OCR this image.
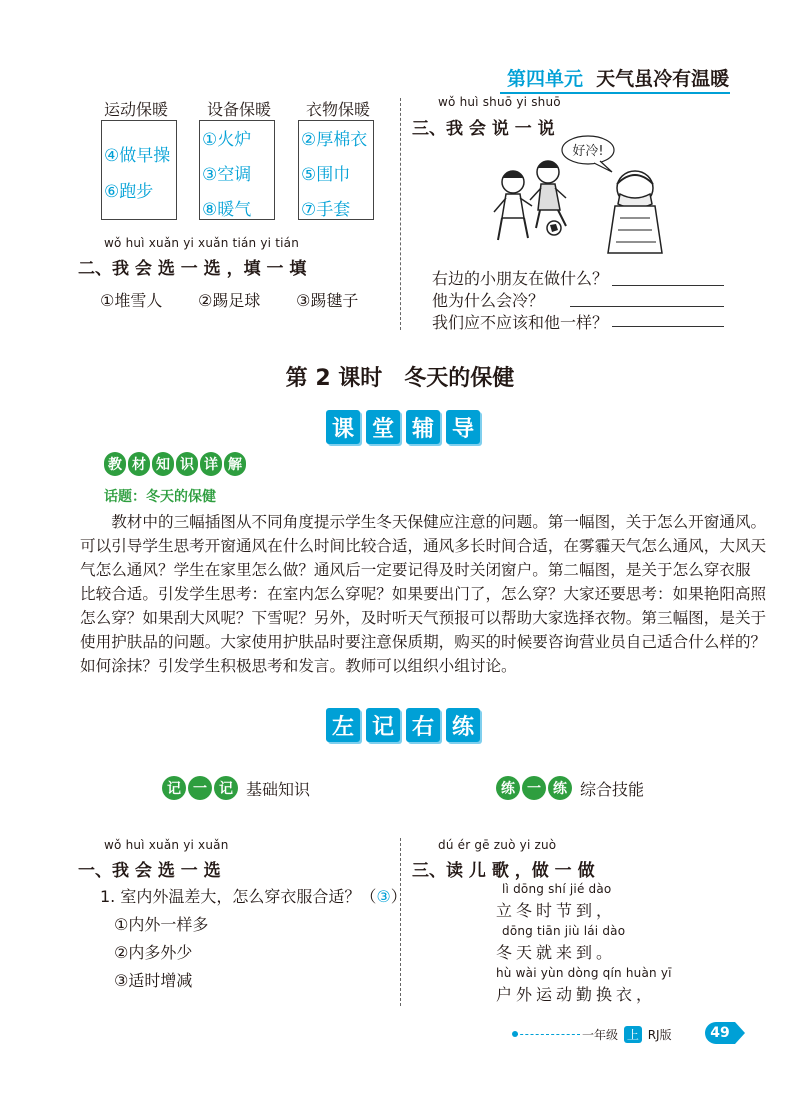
第四单元 天气虽冷有温暖
运动保暖 设备保暖 衣物保暖
④做早操
⑥跑步
①火炉
③空调
⑧暖气
②厚棉衣
⑤围巾
⑦手套
wǒ huì xuǎn yi xuǎn tián yi tián
二、我 会 选 一 选 ，填 一 填
①堆雪人 ②踢足球 ③踢毽子
wǒ huì shuō yi shuō
三、我 会 说 一 说
好冷!
右边的小朋友在做什么？
他为什么会冷？
我们应不应该和他一样？
第 2 课时　冬天的保健
课 堂 辅 导
教 材 知 识 详 解
话题：冬天的保健
　　教材中的三幅插图从不同角度提示学生冬天保健应注意的问题。第一幅图，关于怎么开窗通风。
可以引导学生思考开窗通风在什么时间比较合适，通风多长时间合适，在雾霾天气怎么通风，大风天
气怎么通风？学生在家里怎么做？通风后一定要记得及时关闭窗户。第二幅图，是关于怎么穿衣服
比较合适。引发学生思考：在室内怎么穿呢？如果要出门了，怎么穿？大家还要思考：如果艳阳高照
怎么穿？如果刮大风呢？下雪呢？另外，及时听天气预报可以帮助大家选择衣物。第三幅图，是关于
使用护肤品的问题。大家使用护肤品时要注意保质期，购买的时候要咨询营业员自己适合什么样的？
如何涂抹？引发学生积极思考和发言。教师可以组织小组讨论。
左 记 右 练
记 一 记 基础知识	练 一 练 综合技能
wǒ huì xuǎn yi xuǎn
一、我 会 选 一 选
1. 室内外温差大，怎么穿衣服合适？（③）
①内外一样多
②内多外少
③适时增减
dú ér gē zuò yi zuò
三、读 儿 歌 ，做 一 做
lì dōng shí jié dào
立冬时节到，
dōng tiān jiù lái dào
冬天就来到。
hù wài yùn dòng qín huàn yī
户外运动勤换衣，
一年级 上 RJ版	49
